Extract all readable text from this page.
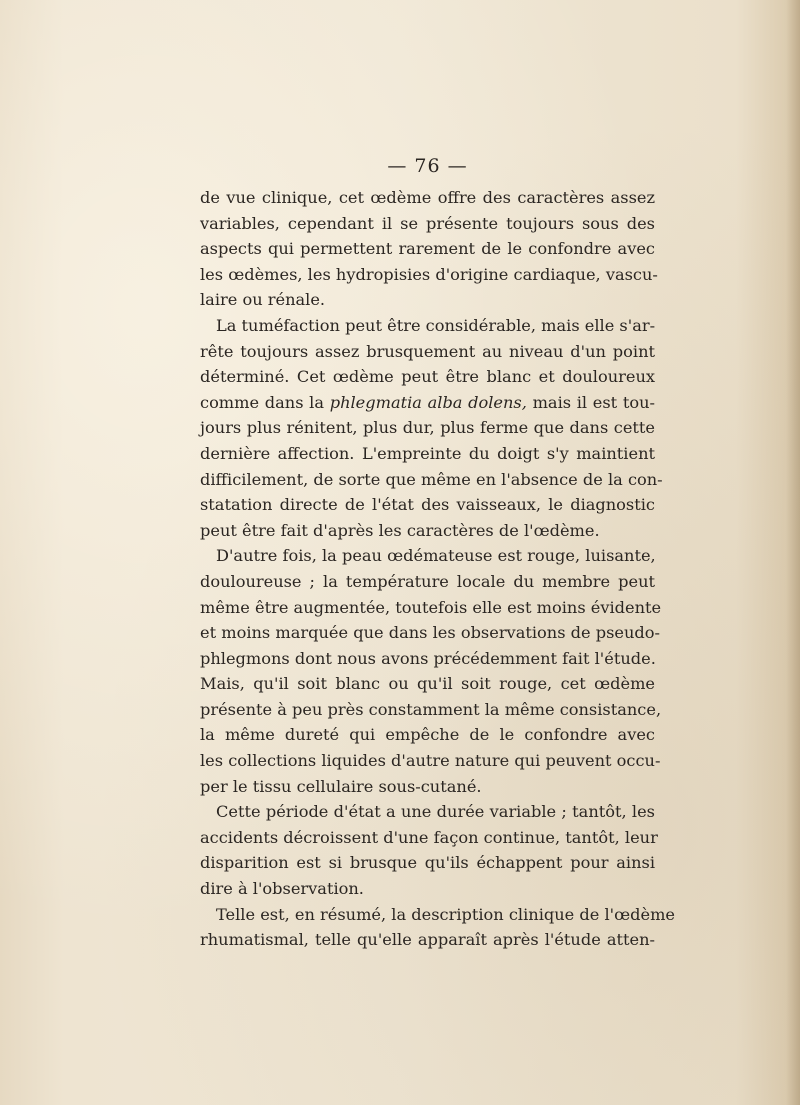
— 76 —
de vue clinique, cet œdème offre des caractères assez
variables, cependant il se présente toujours sous des
aspects qui permettent rarement de le confondre avec
les œdèmes, les hydropisies d'origine cardiaque, vascu-
laire ou rénale.
La tuméfaction peut être considérable, mais elle s'ar-
rête toujours assez brusquement au niveau d'un point
déterminé. Cet œdème peut être blanc et douloureux
comme dans la phlegmatia alba dolens, mais il est tou-
jours plus rénitent, plus dur, plus ferme que dans cette
dernière affection. L'empreinte du doigt s'y maintient
difficilement, de sorte que même en l'absence de la con-
statation directe de l'état des vaisseaux, le diagnostic
peut être fait d'après les caractères de l'œdème.
D'autre fois, la peau œdémateuse est rouge, luisante,
douloureuse ; la température locale du membre peut
même être augmentée, toutefois elle est moins évidente
et moins marquée que dans les observations de pseudo-
phlegmons dont nous avons précédemment fait l'étude.
Mais, qu'il soit blanc ou qu'il soit rouge, cet œdème
présente à peu près constamment la même consistance,
la même dureté qui empêche de le confondre avec
les collections liquides d'autre nature qui peuvent occu-
per le tissu cellulaire sous-cutané.
Cette période d'état a une durée variable ; tantôt, les
accidents décroissent d'une façon continue, tantôt, leur
disparition est si brusque qu'ils échappent pour ainsi
dire à l'observation.
Telle est, en résumé, la description clinique de l'œdème
rhumatismal, telle qu'elle apparaît après l'étude atten-
